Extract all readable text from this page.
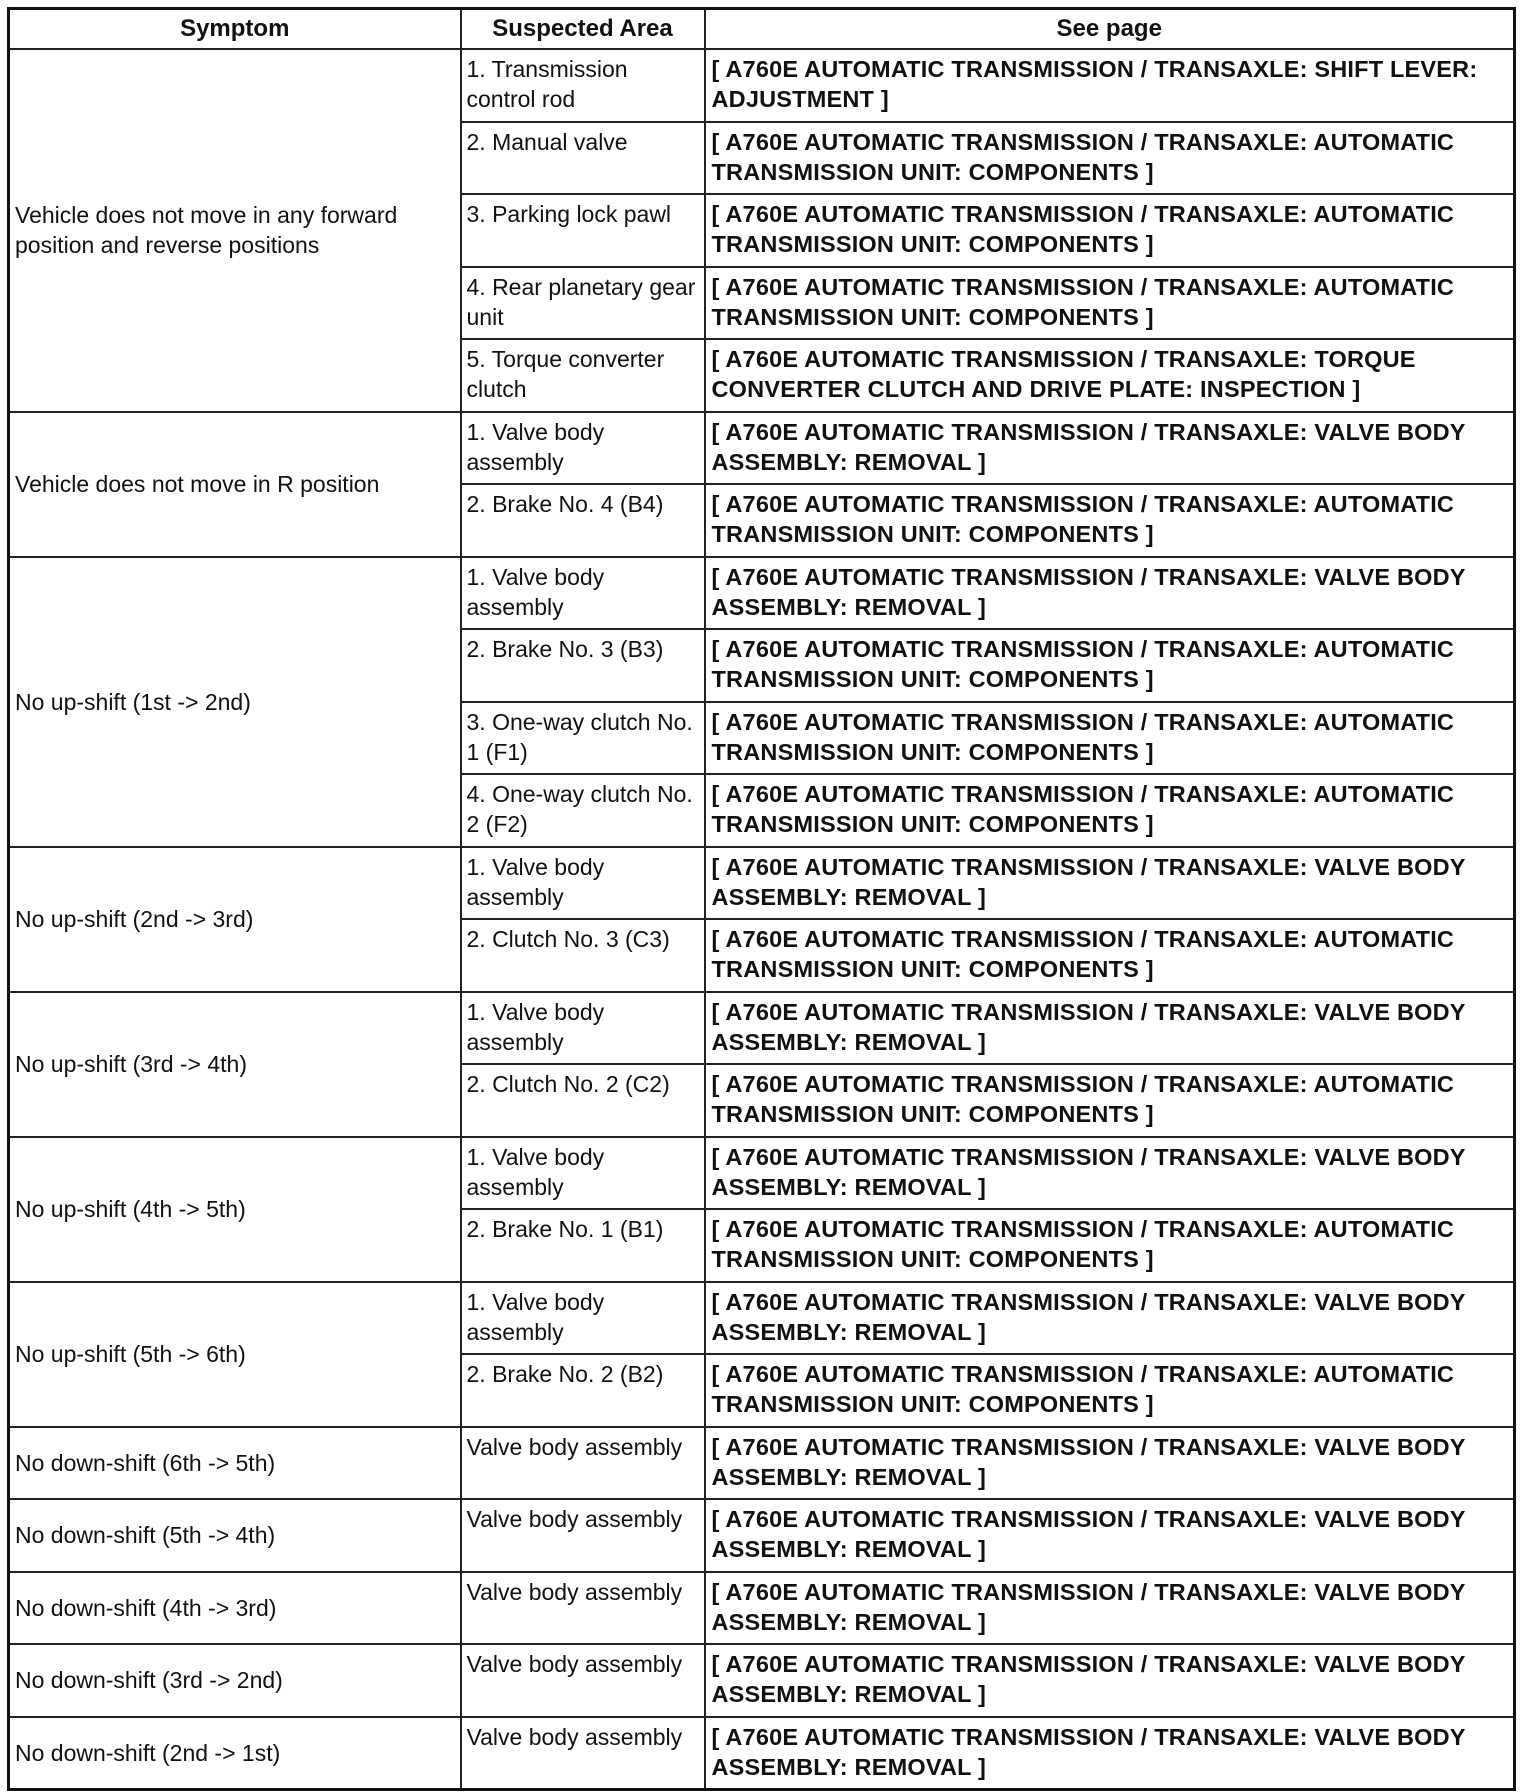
Symptom	Suspected Area	See page
Vehicle does not move in any forward position and reverse positions	1. Transmission control rod	[ A760E AUTOMATIC TRANSMISSION / TRANSAXLE: SHIFT LEVER: ADJUSTMENT ]
	2. Manual valve	[ A760E AUTOMATIC TRANSMISSION / TRANSAXLE: AUTOMATIC TRANSMISSION UNIT: COMPONENTS ]
	3. Parking lock pawl	[ A760E AUTOMATIC TRANSMISSION / TRANSAXLE: AUTOMATIC TRANSMISSION UNIT: COMPONENTS ]
	4. Rear planetary gear unit	[ A760E AUTOMATIC TRANSMISSION / TRANSAXLE: AUTOMATIC TRANSMISSION UNIT: COMPONENTS ]
	5. Torque converter clutch	[ A760E AUTOMATIC TRANSMISSION / TRANSAXLE: TORQUE CONVERTER CLUTCH AND DRIVE PLATE: INSPECTION ]
Vehicle does not move in R position	1. Valve body assembly	[ A760E AUTOMATIC TRANSMISSION / TRANSAXLE: VALVE BODY ASSEMBLY: REMOVAL ]
	2. Brake No. 4 (B4)	[ A760E AUTOMATIC TRANSMISSION / TRANSAXLE: AUTOMATIC TRANSMISSION UNIT: COMPONENTS ]
No up-shift (1st -> 2nd)	1. Valve body assembly	[ A760E AUTOMATIC TRANSMISSION / TRANSAXLE: VALVE BODY ASSEMBLY: REMOVAL ]
	2. Brake No. 3 (B3)	[ A760E AUTOMATIC TRANSMISSION / TRANSAXLE: AUTOMATIC TRANSMISSION UNIT: COMPONENTS ]
	3. One-way clutch No. 1 (F1)	[ A760E AUTOMATIC TRANSMISSION / TRANSAXLE: AUTOMATIC TRANSMISSION UNIT: COMPONENTS ]
	4. One-way clutch No. 2 (F2)	[ A760E AUTOMATIC TRANSMISSION / TRANSAXLE: AUTOMATIC TRANSMISSION UNIT: COMPONENTS ]
No up-shift (2nd -> 3rd)	1. Valve body assembly	[ A760E AUTOMATIC TRANSMISSION / TRANSAXLE: VALVE BODY ASSEMBLY: REMOVAL ]
	2. Clutch No. 3 (C3)	[ A760E AUTOMATIC TRANSMISSION / TRANSAXLE: AUTOMATIC TRANSMISSION UNIT: COMPONENTS ]
No up-shift (3rd -> 4th)	1. Valve body assembly	[ A760E AUTOMATIC TRANSMISSION / TRANSAXLE: VALVE BODY ASSEMBLY: REMOVAL ]
	2. Clutch No. 2 (C2)	[ A760E AUTOMATIC TRANSMISSION / TRANSAXLE: AUTOMATIC TRANSMISSION UNIT: COMPONENTS ]
No up-shift (4th -> 5th)	1. Valve body assembly	[ A760E AUTOMATIC TRANSMISSION / TRANSAXLE: VALVE BODY ASSEMBLY: REMOVAL ]
	2. Brake No. 1 (B1)	[ A760E AUTOMATIC TRANSMISSION / TRANSAXLE: AUTOMATIC TRANSMISSION UNIT: COMPONENTS ]
No up-shift (5th -> 6th)	1. Valve body assembly	[ A760E AUTOMATIC TRANSMISSION / TRANSAXLE: VALVE BODY ASSEMBLY: REMOVAL ]
	2. Brake No. 2 (B2)	[ A760E AUTOMATIC TRANSMISSION / TRANSAXLE: AUTOMATIC TRANSMISSION UNIT: COMPONENTS ]
No down-shift (6th -> 5th)	Valve body assembly	[ A760E AUTOMATIC TRANSMISSION / TRANSAXLE: VALVE BODY ASSEMBLY: REMOVAL ]
No down-shift (5th -> 4th)	Valve body assembly	[ A760E AUTOMATIC TRANSMISSION / TRANSAXLE: VALVE BODY ASSEMBLY: REMOVAL ]
No down-shift (4th -> 3rd)	Valve body assembly	[ A760E AUTOMATIC TRANSMISSION / TRANSAXLE: VALVE BODY ASSEMBLY: REMOVAL ]
No down-shift (3rd -> 2nd)	Valve body assembly	[ A760E AUTOMATIC TRANSMISSION / TRANSAXLE: VALVE BODY ASSEMBLY: REMOVAL ]
No down-shift (2nd -> 1st)	Valve body assembly	[ A760E AUTOMATIC TRANSMISSION / TRANSAXLE: VALVE BODY ASSEMBLY: REMOVAL ]
